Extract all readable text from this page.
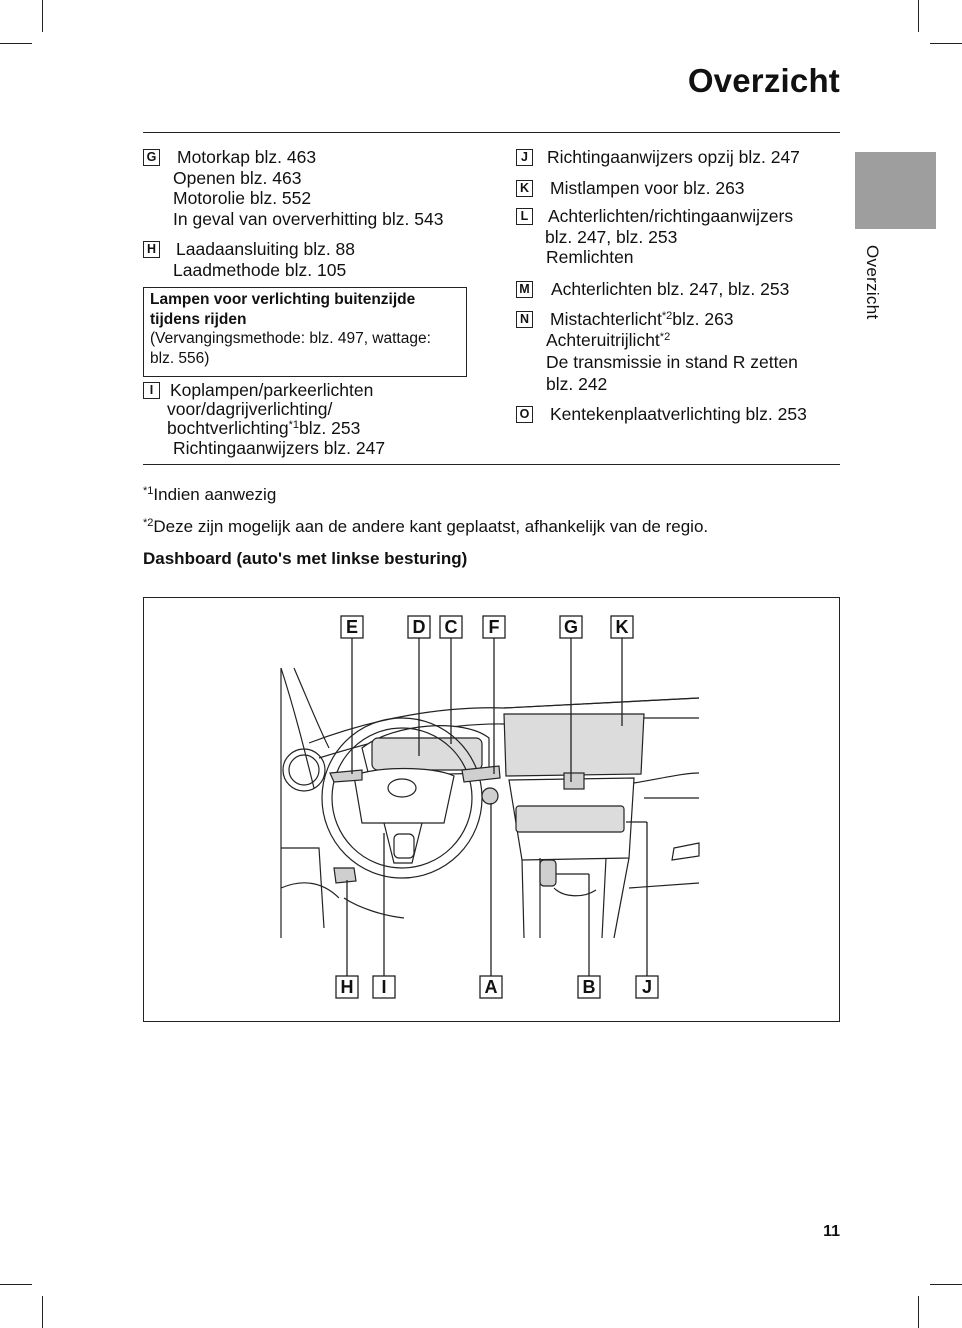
Overzicht
Overzicht
G	Motorkap blz. 463
Openen blz. 463
Motorolie blz. 552
In geval van oververhitting blz. 543
H	Laadaansluiting blz. 88
Laadmethode blz. 105
Lampen voor verlichting buitenzijde
tijdens rijden
(Vervangingsmethode: blz. 497, wattage:
blz. 556)
I Koplampen/parkeerlichten
voor/dagrijverlichting/
bochtverlichting$^{*1}$blz. 253
Richtingaanwijzers blz. 247
J	Richtingaanwijzers opzij blz. 247
K	Mistlampen voor blz. 263
L	Achterlichten/richtingaanwijzers
blz. 247, blz. 253
Remlichten
M	Achterlichten blz. 247, blz. 253
N	Mistachterlicht$^{*2}$blz. 263
Achteruitrijlicht$^{*2}$
De transmissie in stand R zetten
blz. 242
O	Kentekenplaatverlichting blz. 253
$^{*1}$Indien aanwezig
$^{*2}$Deze zijn mogelijk aan de andere kant geplaatst, afhankelijk van de regio.
Dashboard (auto's met linkse besturing)
E	D C F	G K
H I	A	B	J
11
